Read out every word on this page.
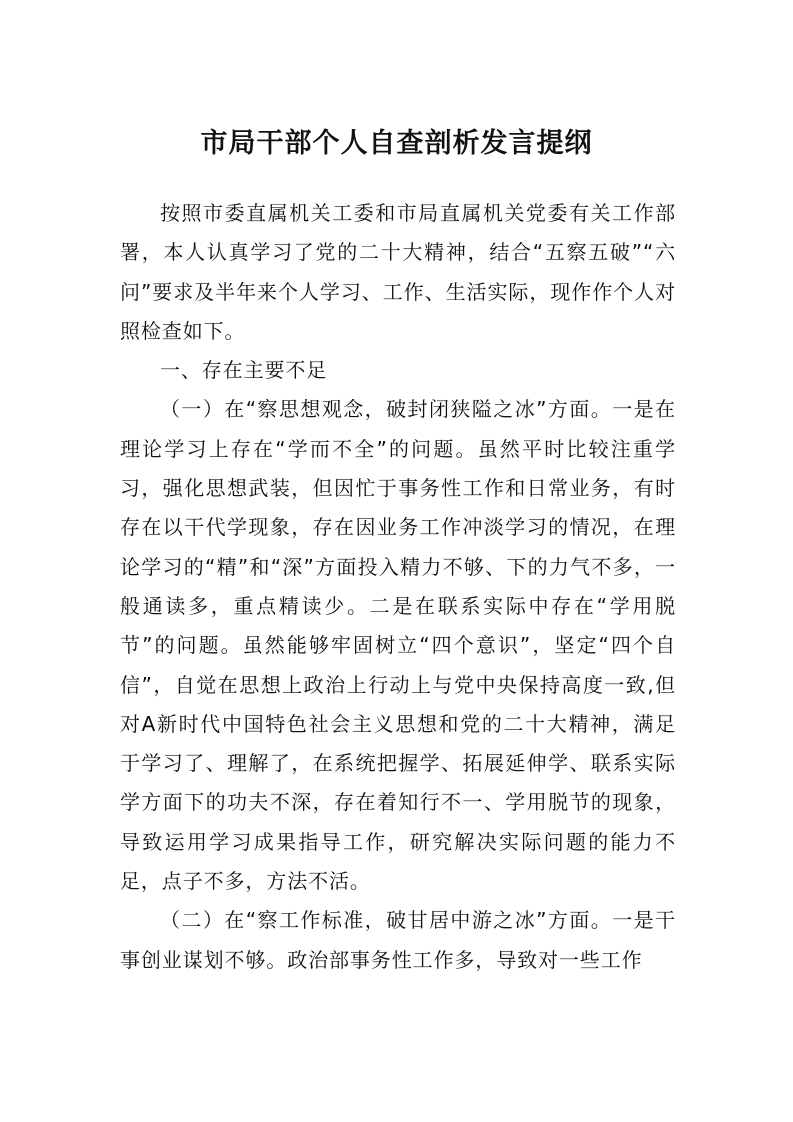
市局干部个人自查剖析发言提纲

按照市委直属机关工委和市局直属机关党委有关工作部署，本人认真学习了党的二十大精神，结合“五察五破”“六问”要求及半年来个人学习、工作、生活实际，现作作个人对照检查如下。

一、存在主要不足

（一）在“察思想观念，破封闭狭隘之冰”方面。一是在理论学习上存在“学而不全”的问题。虽然平时比较注重学习，强化思想武装，但因忙于事务性工作和日常业务，有时存在以干代学现象，存在因业务工作冲淡学习的情况，在理论学习的“精”和“深”方面投入精力不够、下的力气不多，一般通读多，重点精读少。二是在联系实际中存在“学用脱节”的问题。虽然能够牢固树立“四个意识”，坚定“四个自信”，自觉在思想上政治上行动上与党中央保持高度一致,但对A新时代中国特色社会主义思想和党的二十大精神，满足于学习了、理解了，在系统把握学、拓展延伸学、联系实际学方面下的功夫不深，存在着知行不一、学用脱节的现象，导致运用学习成果指导工作，研究解决实际问题的能力不足，点子不多，方法不活。

（二）在“察工作标准，破甘居中游之冰”方面。一是干事创业谋划不够。政治部事务性工作多，导致对一些工作
